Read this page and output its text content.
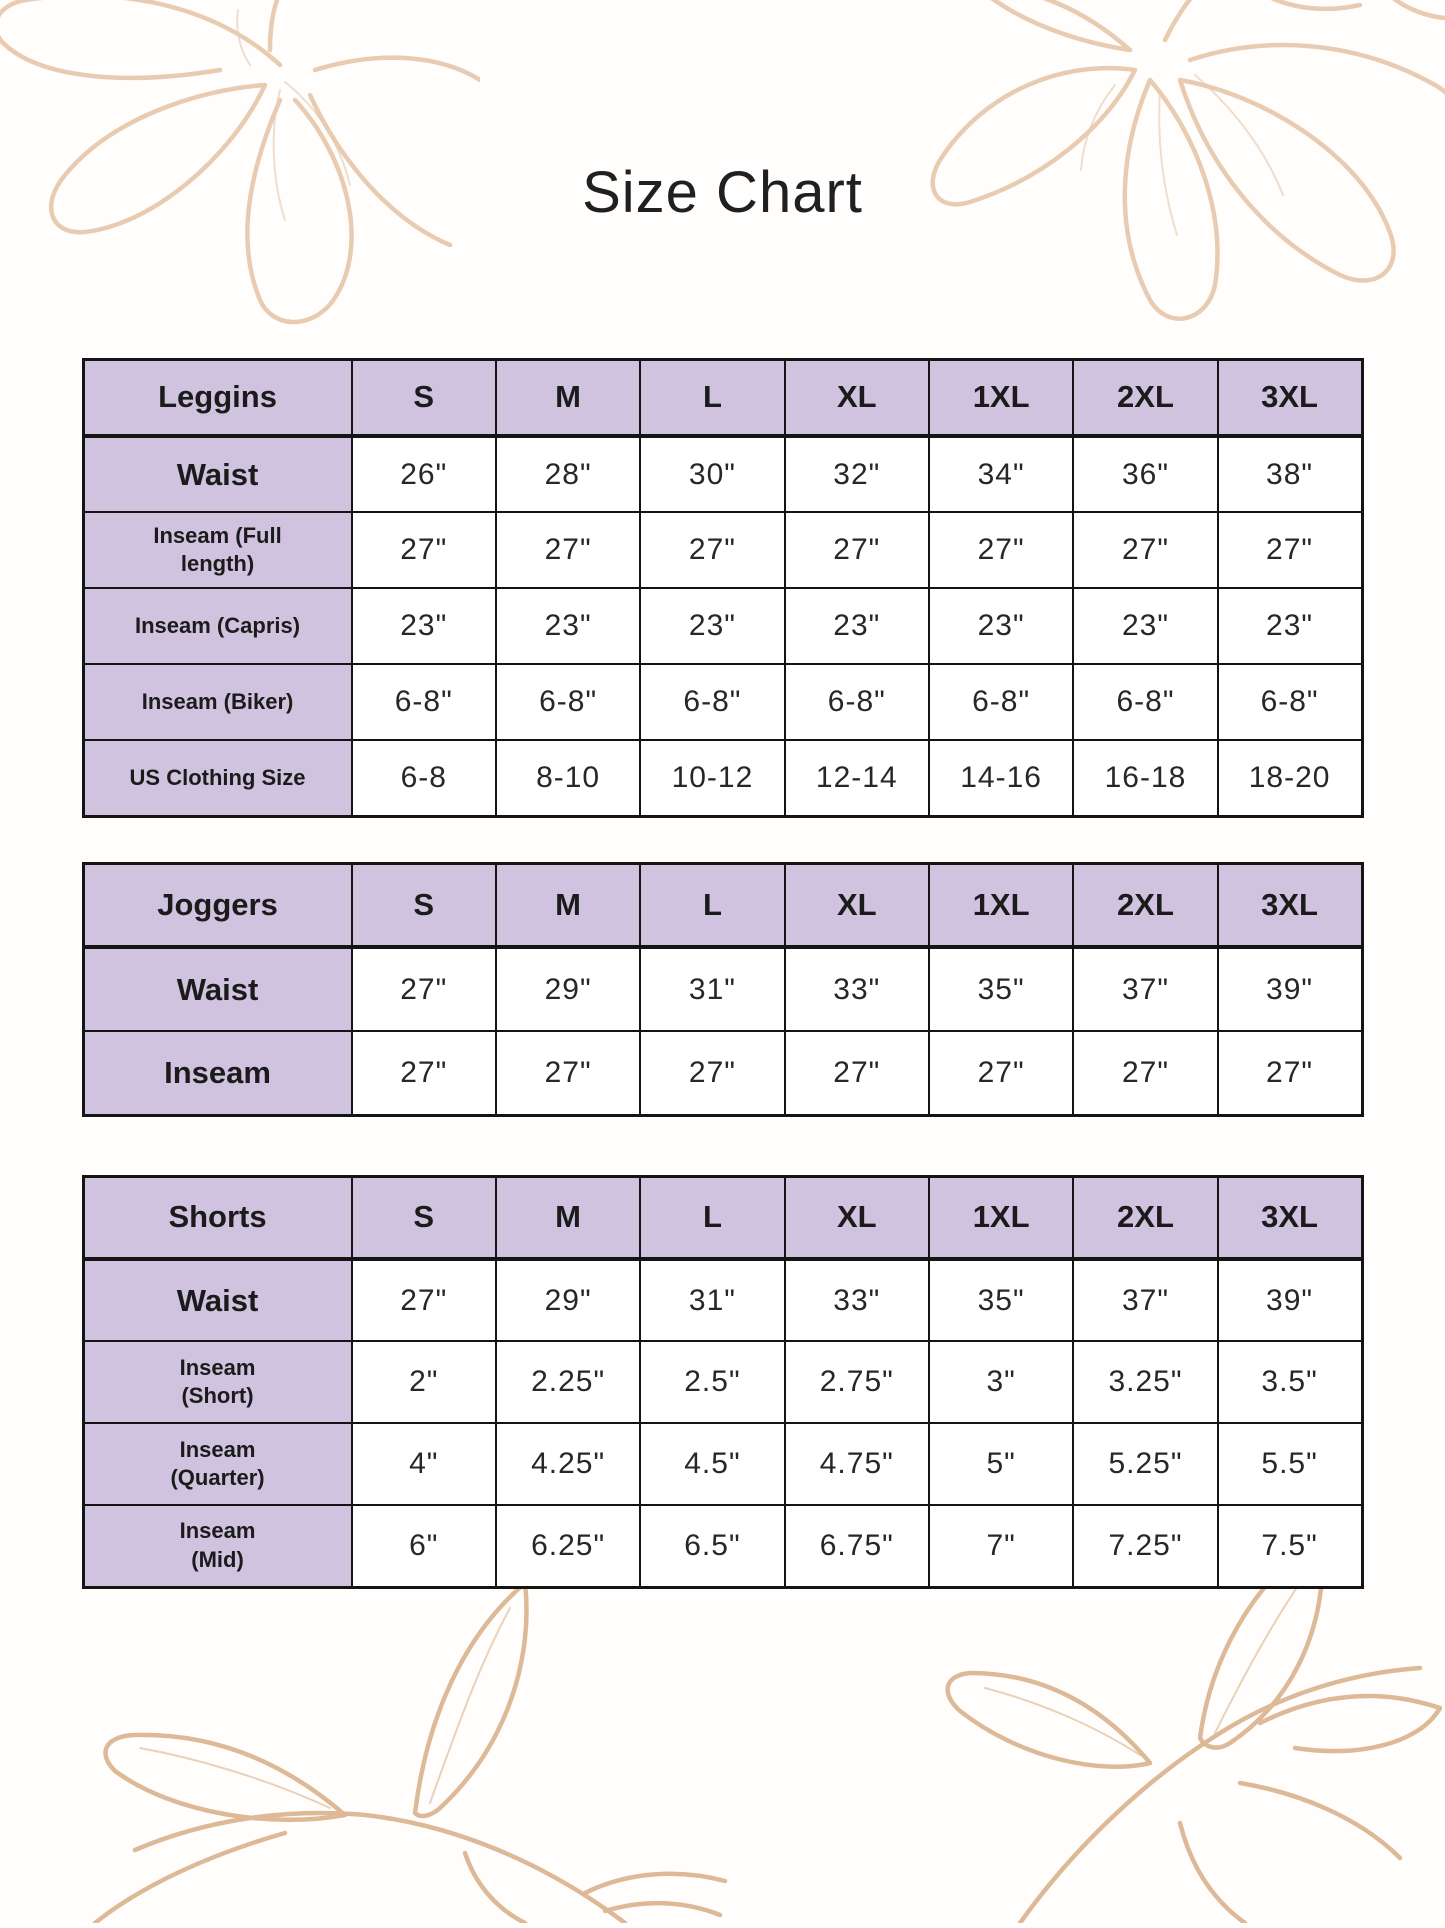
Size Chart
Leggins	S	M	L	XL	1XL	2XL	3XL
Waist	26"	28"	30"	32"	34"	36"	38"
Inseam (Full
length)	27"	27"	27"	27"	27"	27"	27"
Inseam (Capris)	23"	23"	23"	23"	23"	23"	23"
Inseam (Biker)	6-8"	6-8"	6-8"	6-8"	6-8"	6-8"	6-8"
US Clothing Size	6-8	8-10	10-12	12-14	14-16	16-18	18-20
Joggers	S	M	L	XL	1XL	2XL	3XL
Waist	27"	29"	31"	33"	35"	37"	39"
Inseam	27"	27"	27"	27"	27"	27"	27"
Shorts	S	M	L	XL	1XL	2XL	3XL
Waist	27"	29"	31"	33"	35"	37"	39"
Inseam
(Short)	2"	2.25"	2.5"	2.75"	3"	3.25"	3.5"
Inseam
(Quarter)	4"	4.25"	4.5"	4.75"	5"	5.25"	5.5"
Inseam
(Mid)	6"	6.25"	6.5"	6.75"	7"	7.25"	7.5"
